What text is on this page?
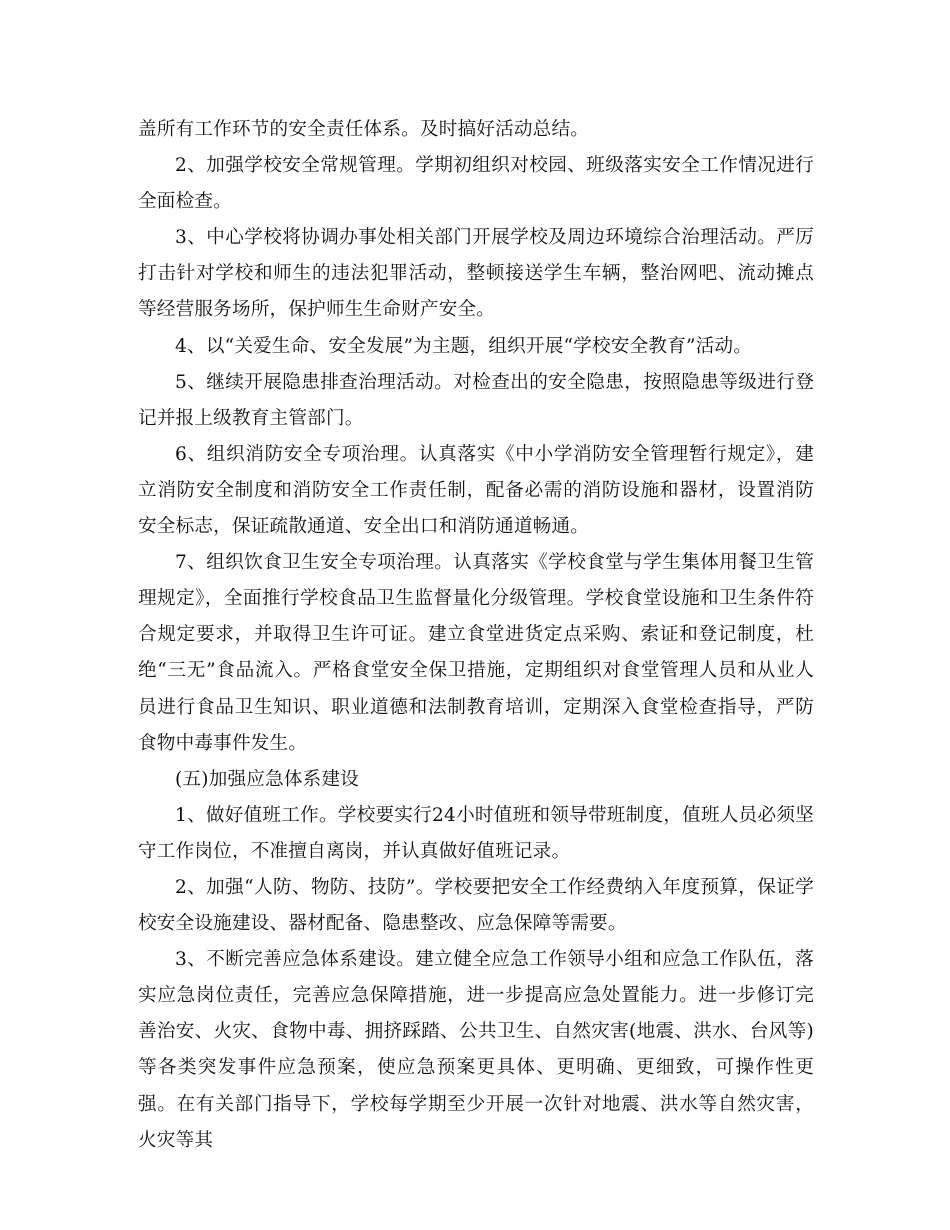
盖所有工作环节的安全责任体系。及时搞好活动总结。

2、加强学校安全常规管理。学期初组织对校园、班级落实安全工作情况进行全面检查。

3、中心学校将协调办事处相关部门开展学校及周边环境综合治理活动。严厉打击针对学校和师生的违法犯罪活动，整顿接送学生车辆，整治网吧、流动摊点等经营服务场所，保护师生生命财产安全。

4、以“关爱生命、安全发展”为主题，组织开展“学校安全教育”活动。

5、继续开展隐患排查治理活动。对检查出的安全隐患，按照隐患等级进行登记并报上级教育主管部门。

6、组织消防安全专项治理。认真落实《中小学消防安全管理暂行规定》，建立消防安全制度和消防安全工作责任制，配备必需的消防设施和器材，设置消防安全标志，保证疏散通道、安全出口和消防通道畅通。

7、组织饮食卫生安全专项治理。认真落实《学校食堂与学生集体用餐卫生管理规定》，全面推行学校食品卫生监督量化分级管理。学校食堂设施和卫生条件符合规定要求，并取得卫生许可证。建立食堂进货定点采购、索证和登记制度，杜绝“三无”食品流入。严格食堂安全保卫措施，定期组织对食堂管理人员和从业人员进行食品卫生知识、职业道德和法制教育培训，定期深入食堂检查指导，严防食物中毒事件发生。

(五)加强应急体系建设

1、做好值班工作。学校要实行24小时值班和领导带班制度，值班人员必须坚守工作岗位，不准擅自离岗，并认真做好值班记录。

2、加强“人防、物防、技防”。学校要把安全工作经费纳入年度预算，保证学校安全设施建设、器材配备、隐患整改、应急保障等需要。

3、不断完善应急体系建设。建立健全应急工作领导小组和应急工作队伍，落实应急岗位责任，完善应急保障措施，进一步提高应急处置能力。进一步修订完善治安、火灾、食物中毒、拥挤踩踏、公共卫生、自然灾害(地震、洪水、台风等)等各类突发事件应急预案，使应急预案更具体、更明确、更细致，可操作性更强。在有关部门指导下，学校每学期至少开展一次针对地震、洪水等自然灾害，火灾等其
